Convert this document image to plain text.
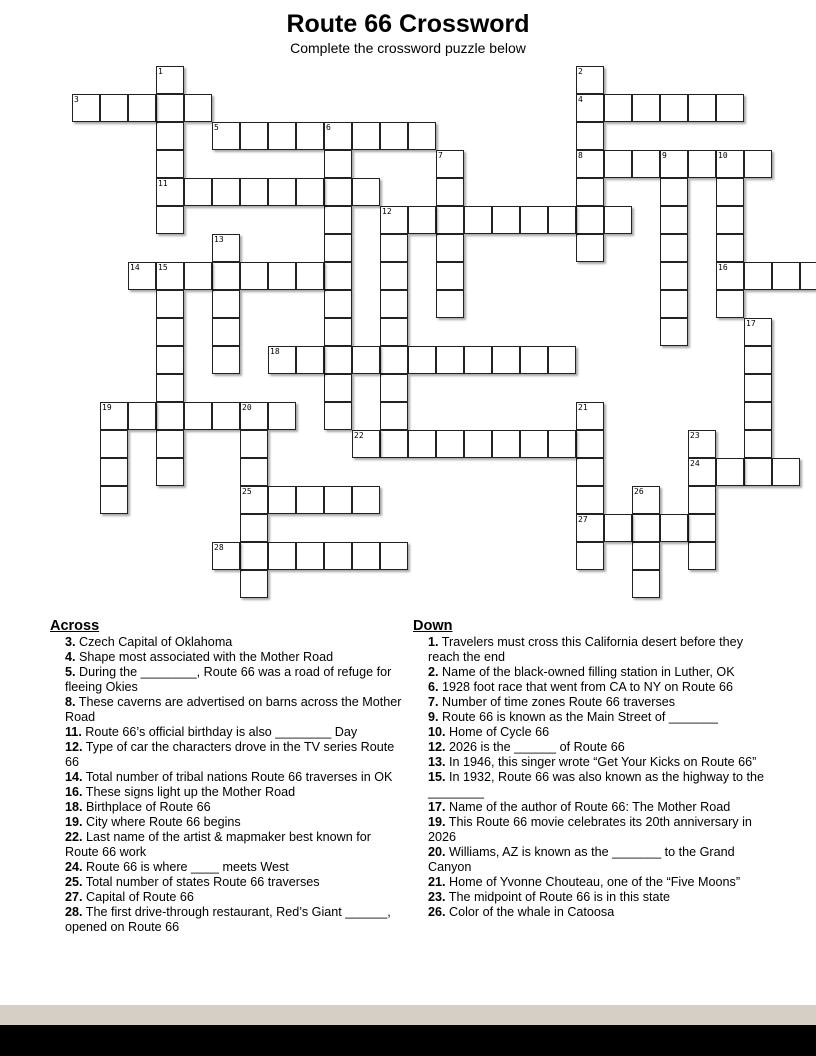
Route 66 Crossword
Complete the crossword puzzle below
1	2
3	4
5	6
7	8	9	10
11
12
13
14 15	16
17
18
19	20	21
22	23
24
25	26
27
28
Across
3. Czech Capital of Oklahoma
4. Shape most associated with the Mother Road
5. During the ________, Route 66 was a road of refuge for fleeing Okies
8. These caverns are advertised on barns across the Mother Road
11. Route 66’s official birthday is also ________ Day
12. Type of car the characters drove in the TV series Route 66
14. Total number of tribal nations Route 66 traverses in OK
16. These signs light up the Mother Road
18. Birthplace of Route 66
19. City where Route 66 begins
22. Last name of the artist & mapmaker best known for Route 66 work
24. Route 66 is where ____ meets West
25. Total number of states Route 66 traverses
27. Capital of Route 66
28. The first drive-through restaurant, Red’s Giant ______, opened on Route 66
Down
1. Travelers must cross this California desert before they reach the end
2. Name of the black-owned filling station in Luther, OK
6. 1928 foot race that went from CA to NY on Route 66
7. Number of time zones Route 66 traverses
9. Route 66 is known as the Main Street of _______
10. Home of Cycle 66
12. 2026 is the ______ of Route 66
13. In 1946, this singer wrote “Get Your Kicks on Route 66”
15. In 1932, Route 66 was also known as the highway to the ________
17. Name of the author of Route 66: The Mother Road
19. This Route 66 movie celebrates its 20th anniversary in 2026
20. Williams, AZ is known as the _______ to the Grand Canyon
21. Home of Yvonne Chouteau, one of the “Five Moons”
23. The midpoint of Route 66 is in this state
26. Color of the whale in Catoosa
